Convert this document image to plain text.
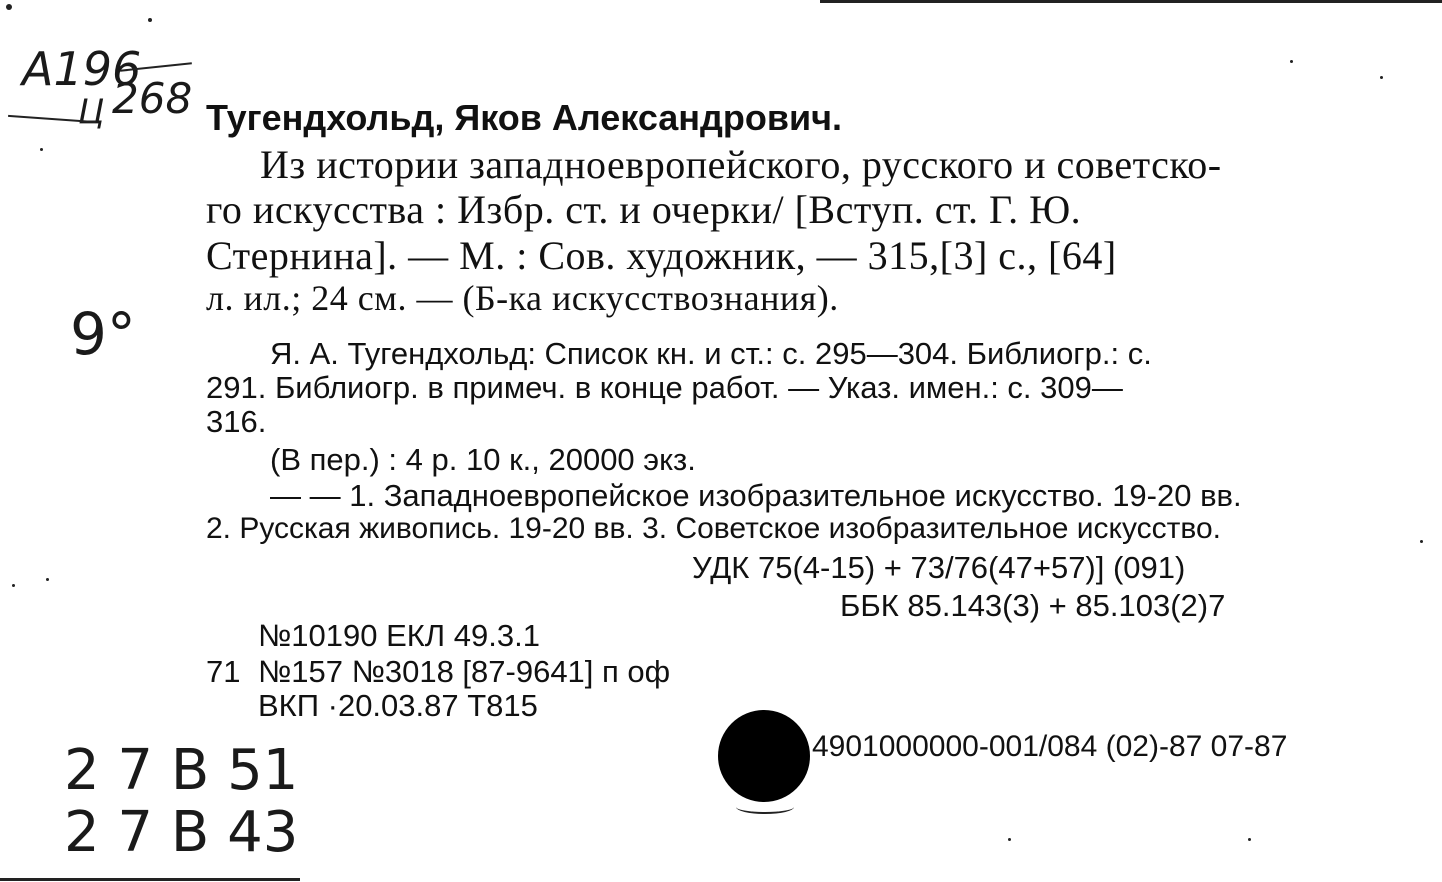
А196
Ц 268 Тугендхольд, Яков Александрович.
Из истории западноевропейского, русского и советско-
го искусства : Избр. ст. и очерки/ [Вступ. ст. Г. Ю.
Стернина]. — М. : Сов. художник, — 315,[3] с., [64]
л. ил.; 24 см. — (Б-ка искусствознания).
9°	Я. А. Тугендхольд: Список кн. и ст.: с. 295—304. Библиогр.: с.
291. Библиогр. в примеч. в конце работ. — Указ. имен.: с. 309—
316.
(В пер.) : 4 р. 10 к., 20000 экз.
— — 1. Западноевропейское изобразительное искусство. 19-20 вв.
2. Русская живопись. 19-20 вв. 3. Советское изобразительное искусство.
УДК 75(4-15) + 73/76(47+57)] (091)
ББК 85.143(3) + 85.103(2)7
№10190 ЕКЛ 49.3.1
71 №157 №3018 [87-9641] п оф
ВКП ·20.03.87 Т815
4901000000-001/084 (02)-87 07-87
2 7 B 51
2 7 B 43
